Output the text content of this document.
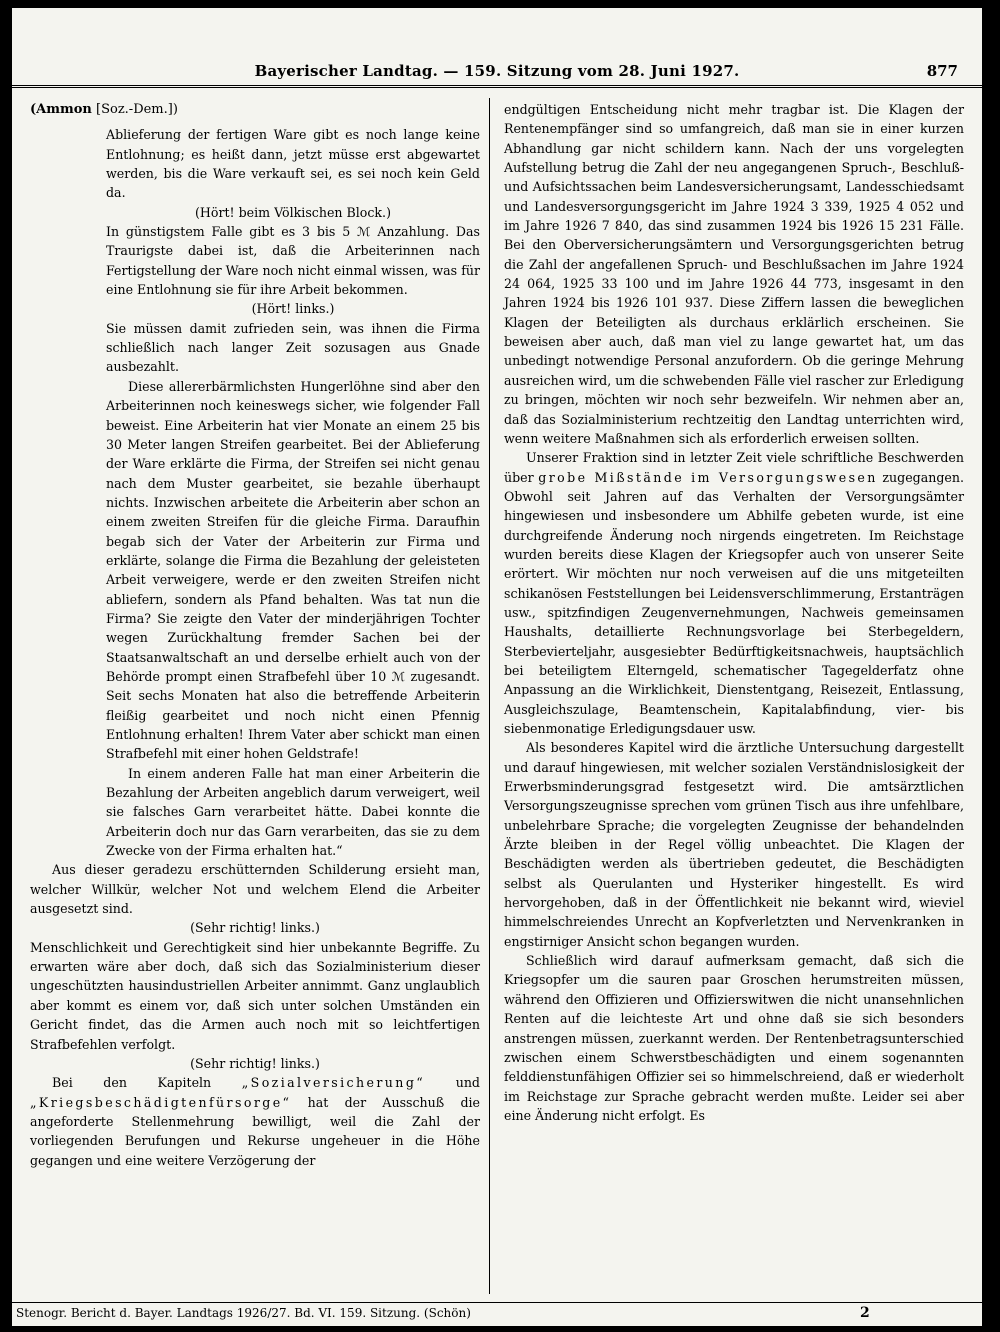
Bayerischer Landtag. — 159. Sitzung vom 28. Juni 1927.	877
(Ammon [Soz.-Dem.])

Ablieferung der fertigen Ware gibt es noch lange keine Entlohnung; es heißt dann, jetzt müsse erst abgewartet werden, bis die Ware verkauft sei, es sei noch kein Geld da.

(Hört! beim Völkischen Block.)

In günstigstem Falle gibt es 3 bis 5 ℳ Anzahlung. Das Traurigste dabei ist, daß die Arbeiterinnen nach Fertigstellung der Ware noch nicht einmal wissen, was für eine Entlohnung sie für ihre Arbeit bekommen.

(Hört! links.)

Sie müssen damit zufrieden sein, was ihnen die Firma schließlich nach langer Zeit sozusagen aus Gnade ausbezahlt.

Diese allererbärmlichsten Hungerlöhne sind aber den Arbeiterinnen noch keineswegs sicher, wie folgender Fall beweist. Eine Arbeiterin hat vier Monate an einem 25 bis 30 Meter langen Streifen gearbeitet. Bei der Ablieferung der Ware erklärte die Firma, der Streifen sei nicht genau nach dem Muster gearbeitet, sie bezahle überhaupt nichts. Inzwischen arbeitete die Arbeiterin aber schon an einem zweiten Streifen für die gleiche Firma. Daraufhin begab sich der Vater der Arbeiterin zur Firma und erklärte, solange die Firma die Bezahlung der geleisteten Arbeit verweigere, werde er den zweiten Streifen nicht abliefern, sondern als Pfand behalten. Was tat nun die Firma? Sie zeigte den Vater der minderjährigen Tochter wegen Zurückhaltung fremder Sachen bei der Staatsanwaltschaft an und derselbe erhielt auch von der Behörde prompt einen Strafbefehl über 10 ℳ zugesandt. Seit sechs Monaten hat also die betreffende Arbeiterin fleißig gearbeitet und noch nicht einen Pfennig Entlohnung erhalten! Ihrem Vater aber schickt man einen Strafbefehl mit einer hohen Geldstrafe!

In einem anderen Falle hat man einer Arbeiterin die Bezahlung der Arbeiten angeblich darum verweigert, weil sie falsches Garn verarbeitet hätte. Dabei konnte die Arbeiterin doch nur das Garn verarbeiten, das sie zu dem Zwecke von der Firma erhalten hat.“

Aus dieser geradezu erschütternden Schilderung ersieht man, welcher Willkür, welcher Not und welchem Elend die Arbeiter ausgesetzt sind.

(Sehr richtig! links.)

Menschlichkeit und Gerechtigkeit sind hier unbekannte Begriffe. Zu erwarten wäre aber doch, daß sich das Sozialministerium dieser ungeschützten hausindustriellen Arbeiter annimmt. Ganz unglaublich aber kommt es einem vor, daß sich unter solchen Umständen ein Gericht findet, das die Armen auch noch mit so leichtfertigen Strafbefehlen verfolgt.

(Sehr richtig! links.)

Bei den Kapiteln „Sozialversicherung“ und „Kriegsbeschädigtenfürsorge“ hat der Ausschuß die angeforderte Stellenmehrung bewilligt, weil die Zahl der vorliegenden Berufungen und Rekurse ungeheuer in die Höhe gegangen und eine weitere Verzögerung der

endgültigen Entscheidung nicht mehr tragbar ist. Die Klagen der Rentenempfänger sind so umfangreich, daß man sie in einer kurzen Abhandlung gar nicht schildern kann. Nach der uns vorgelegten Aufstellung betrug die Zahl der neu angegangenen Spruch-, Beschluß- und Aufsichtssachen beim Landesversicherungsamt, Landesschiedsamt und Landesversorgungsgericht im Jahre 1924 3 339, 1925 4 052 und im Jahre 1926 7 840, das sind zusammen 1924 bis 1926 15 231 Fälle. Bei den Oberversicherungsämtern und Versorgungsgerichten betrug die Zahl der angefallenen Spruch- und Beschlußsachen im Jahre 1924 24 064, 1925 33 100 und im Jahre 1926 44 773, insgesamt in den Jahren 1924 bis 1926 101 937. Diese Ziffern lassen die beweglichen Klagen der Beteiligten als durchaus erklärlich erscheinen. Sie beweisen aber auch, daß man viel zu lange gewartet hat, um das unbedingt notwendige Personal anzufordern. Ob die geringe Mehrung ausreichen wird, um die schwebenden Fälle viel rascher zur Erledigung zu bringen, möchten wir noch sehr bezweifeln. Wir nehmen aber an, daß das Sozialministerium rechtzeitig den Landtag unterrichten wird, wenn weitere Maßnahmen sich als erforderlich erweisen sollten.

Unserer Fraktion sind in letzter Zeit viele schriftliche Beschwerden über grobe Mißstände im Versorgungswesen zugegangen. Obwohl seit Jahren auf das Verhalten der Versorgungsämter hingewiesen und insbesondere um Abhilfe gebeten wurde, ist eine durchgreifende Änderung noch nirgends eingetreten. Im Reichstage wurden bereits diese Klagen der Kriegsopfer auch von unserer Seite erörtert. Wir möchten nur noch verweisen auf die uns mitgeteilten schikanösen Feststellungen bei Leidensverschlimmerung, Erstanträgen usw., spitzfindigen Zeugenvernehmungen, Nachweis gemeinsamen Haushalts, detaillierte Rechnungsvorlage bei Sterbegeldern, Sterbevierteljahr, ausgesiebter Bedürftigkeitsnachweis, hauptsächlich bei beteiligtem Elterngeld, schematischer Tagegelderfatz ohne Anpassung an die Wirklichkeit, Dienstentgang, Reisezeit, Entlassung, Ausgleichszulage, Beamtenschein, Kapitalabfindung, vier- bis siebenmonatige Erledigungsdauer usw.

Als besonderes Kapitel wird die ärztliche Untersuchung dargestellt und darauf hingewiesen, mit welcher sozialen Verständnislosigkeit der Erwerbsminderungsgrad festgesetzt wird. Die amtsärztlichen Versorgungszeugnisse sprechen vom grünen Tisch aus ihre unfehlbare, unbelehrbare Sprache; die vorgelegten Zeugnisse der behandelnden Ärzte bleiben in der Regel völlig unbeachtet. Die Klagen der Beschädigten werden als übertrieben gedeutet, die Beschädigten selbst als Querulanten und Hysteriker hingestellt. Es wird hervorgehoben, daß in der Öffentlichkeit nie bekannt wird, wieviel himmelschreiendes Unrecht an Kopfverletzten und Nervenkranken in engstirniger Ansicht schon begangen wurden.

Schließlich wird darauf aufmerksam gemacht, daß sich die Kriegsopfer um die sauren paar Groschen herumstreiten müssen, während den Offizieren und Offizierswitwen die nicht unansehnlichen Renten auf die leichteste Art und ohne daß sie sich besonders anstrengen müssen, zuerkannt werden. Der Rentenbetragsunterschied zwischen einem Schwerstbeschädigten und einem sogenannten felddienstunfähigen Offizier sei so himmelschreiend, daß er wiederholt im Reichstage zur Sprache gebracht werden mußte. Leider sei aber eine Änderung nicht erfolgt. Es

Stenogr. Bericht d. Bayer. Landtags 1926/27. Bd. VI. 159. Sitzung. (Schön)	2
